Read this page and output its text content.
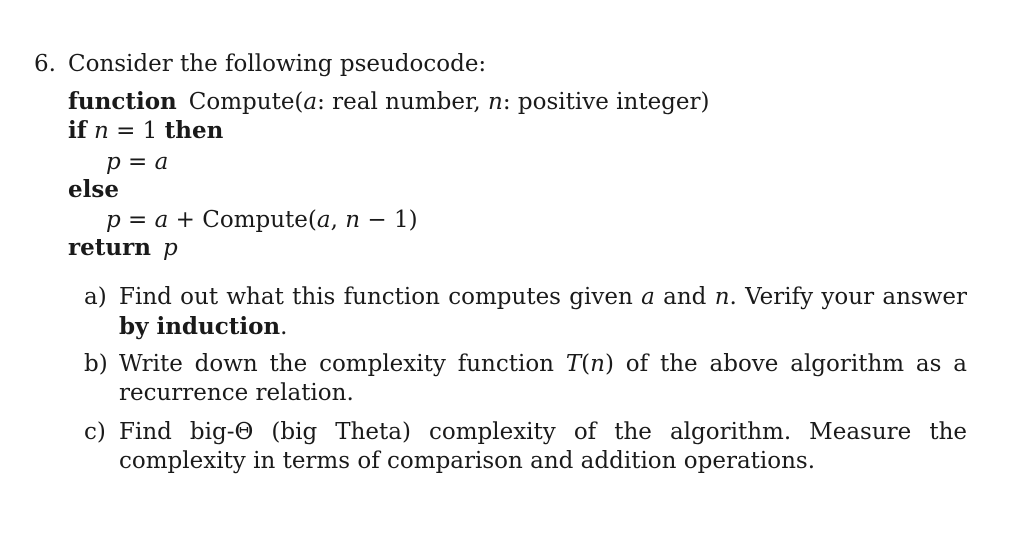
6. Consider the following pseudocode:
function Compute(a: real number, n: positive integer)
if n = 1 then
p = a
else
p = a + Compute(a, n − 1)
return p
a) Find out what this function computes given a and n. Verify your answer by induction.
b) Write down the complexity function T(n) of the above algorithm as a recurrence relation.
c) Find big-Θ (big Theta) complexity of the algorithm. Measure the complexity in terms of comparison and addition operations.
